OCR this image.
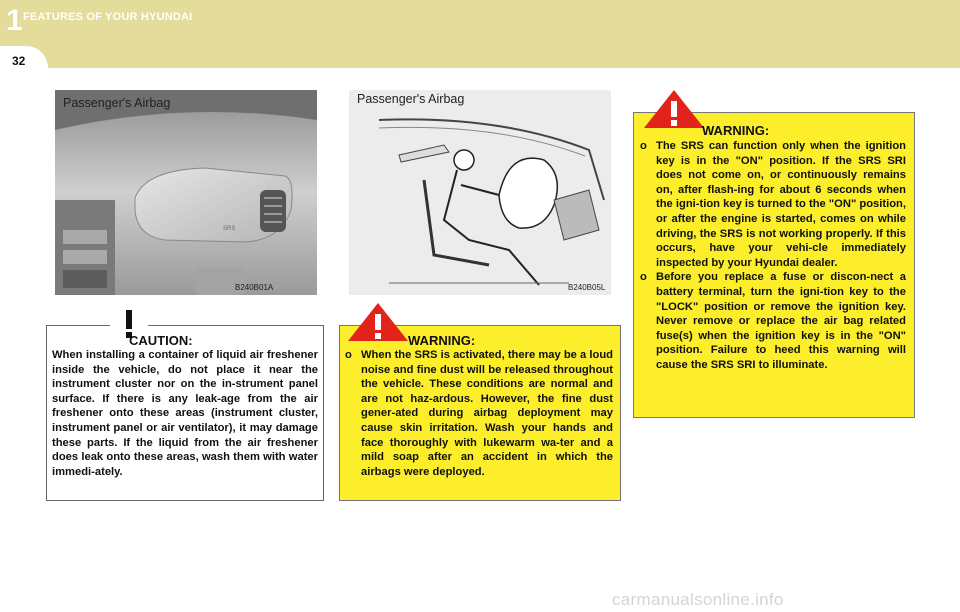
1 FEATURES OF YOUR HYUNDAI
32
SRS
Passenger's Airbag
B240B01A
Passenger's Airbag
B240B05L
CAUTION:
When installing a container of liquid air freshener inside the vehicle, do not place it near the instrument cluster nor on the in-strument panel surface. If there is any leak-age from the air freshener onto these areas (instrument cluster, instrument panel or air ventilator), it may damage these parts. If the liquid from the air freshener does leak onto these areas, wash them with water immedi-ately.
WARNING:

o When the SRS is activated, there may be a loud noise and fine dust will be released throughout the vehicle. These conditions are normal and are not haz-ardous. However, the fine dust gener-ated during airbag deployment may cause skin irritation. Wash your hands and face thoroughly with lukewarm wa-ter and a mild soap after an accident in which the airbags were deployed.

WARNING:

o The SRS can function only when the ignition key is in the "ON" position. If the SRS SRI does not come on, or continuously remains on, after flash-ing for about 6 seconds when the igni-tion key is turned to the "ON" position, or after the engine is started, comes on while driving, the SRS is not working properly. If this occurs, have your vehi-cle immediately inspected by your Hyundai dealer.

o Before you replace a fuse or discon-nect a battery terminal, turn the igni-tion key to the "LOCK" position or remove the ignition key. Never remove or replace the air bag related fuse(s) when the ignition key is in the "ON" position. Failure to heed this warning will cause the SRS SRI to illuminate.

carmanualsonline.info
